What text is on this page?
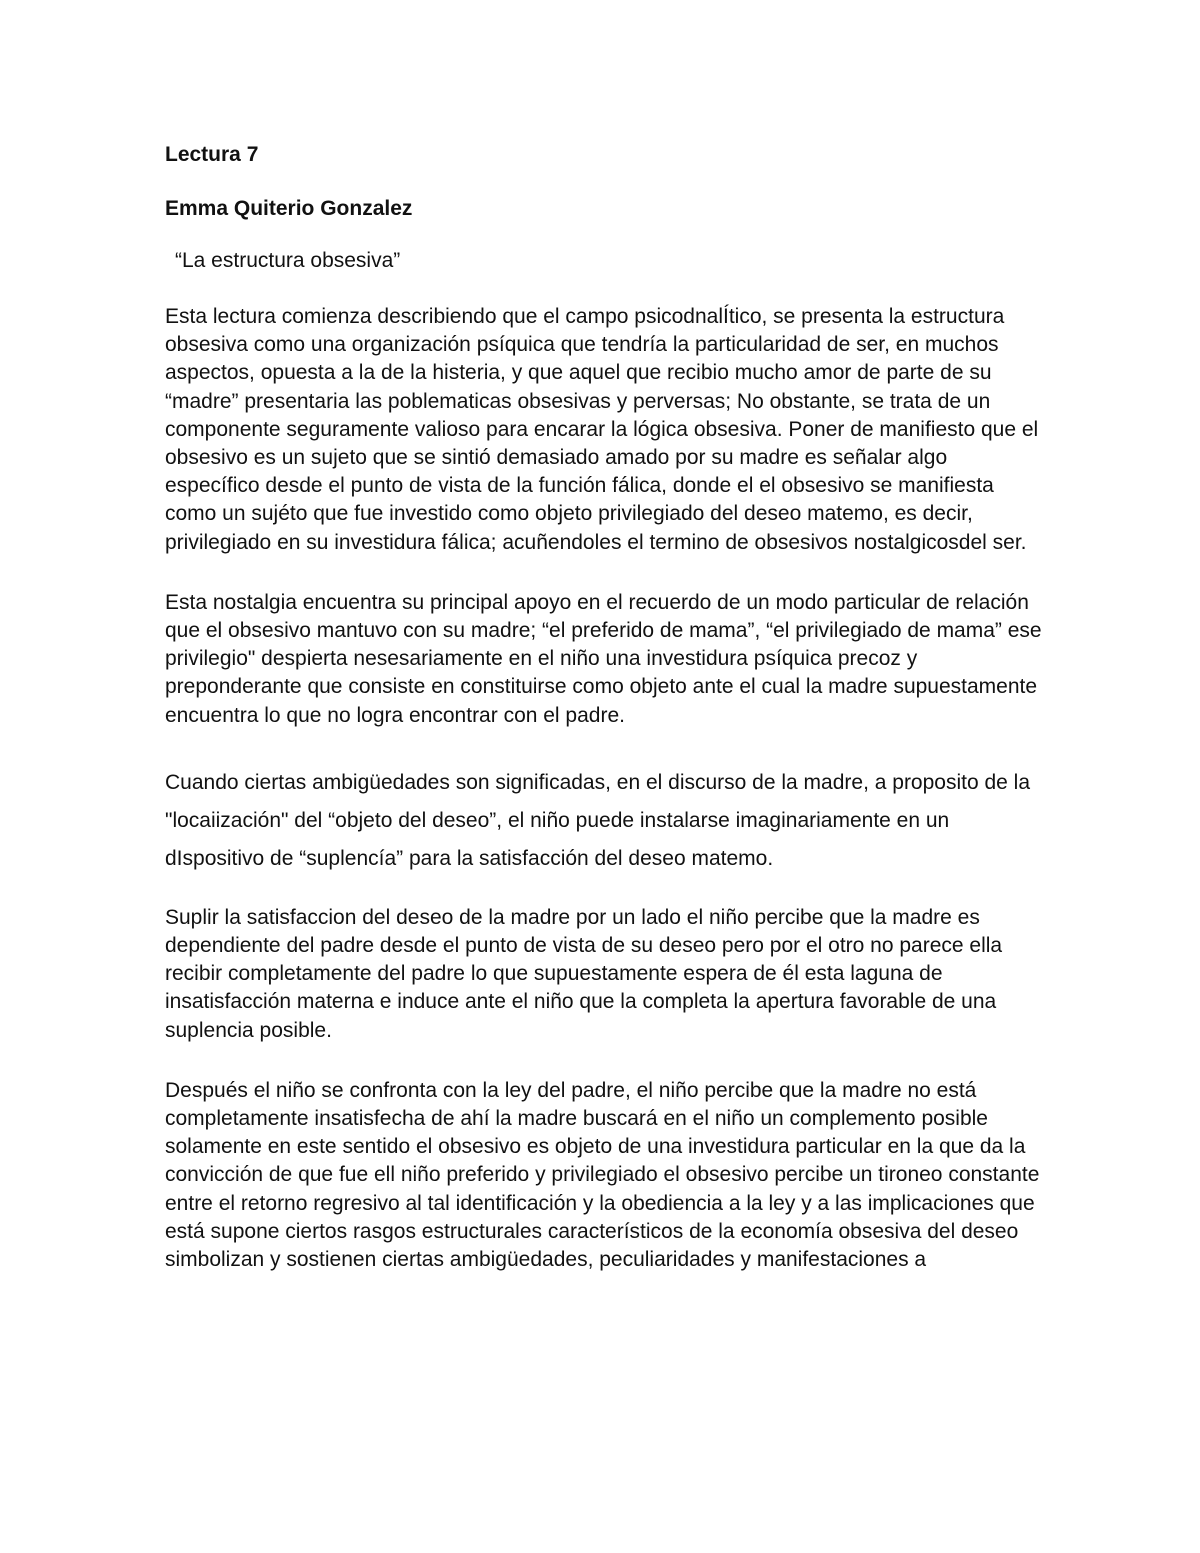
Lectura 7
Emma Quiterio Gonzalez
“La estructura obsesiva”

Esta lectura comienza describiendo que el campo psicodnalÍtico, se presenta la estructura obsesiva como una organización psíquica que tendría la particularidad de ser, en muchos aspectos, opuesta a la de la histeria, y que aquel que recibio mucho amor de parte de su “madre” presentaria las poblematicas obsesivas y perversas; No obstante, se trata de un componente seguramente valioso para encarar la lógica obsesiva. Poner de manifiesto que el obsesivo es un sujeto que se sintió demasiado amado por su madre es señalar algo específico desde el punto de vista de la función fálica, donde el el obsesivo se manifiesta como un sujéto que fue investido como objeto privilegiado del deseo matemo, es decir, privilegiado en su investidura fálica; acuñendoles el termino de obsesivos nostalgicosdel ser.

Esta nostalgia encuentra su principal apoyo en el recuerdo de un modo particular de relación que el obsesivo mantuvo con su madre; “el preferido de mama”, “el privilegiado de mama” ese privilegio" despierta nesesariamente en el niño una investidura psíquica precoz y preponderante que consiste en constituirse como objeto ante el cual la madre supuestamente encuentra lo que no logra encontrar con el padre.

Cuando ciertas ambigüedades son significadas, en el discurso de la madre, a proposito de la "locaiización" del “objeto del deseo”, el niño puede instalarse imaginariamente en un dIspositivo de “suplencía” para la satisfacción del deseo matemo.

Suplir la satisfaccion del deseo de la madre por un lado el niño percibe que la madre es dependiente del padre desde el punto de vista de su deseo pero por el otro no parece ella recibir completamente del padre lo que supuestamente espera de él esta laguna de insatisfacción materna e induce ante el niño que la completa la apertura favorable de una suplencia posible.

Después el niño se confronta con la ley del padre, el niño percibe que la madre no está completamente insatisfecha de ahí la madre buscará en el niño un complemento posible solamente en este sentido el obsesivo es objeto de una investidura particular en la que da la convicción de que fue ell niño preferido y privilegiado el obsesivo percibe un tironeo constante entre el retorno regresivo al tal identificación y la obediencia a la ley y a las implicaciones que está supone ciertos rasgos estructurales característicos de la economía obsesiva del deseo simbolizan y sostienen ciertas ambigüedades, peculiaridades y manifestaciones a
